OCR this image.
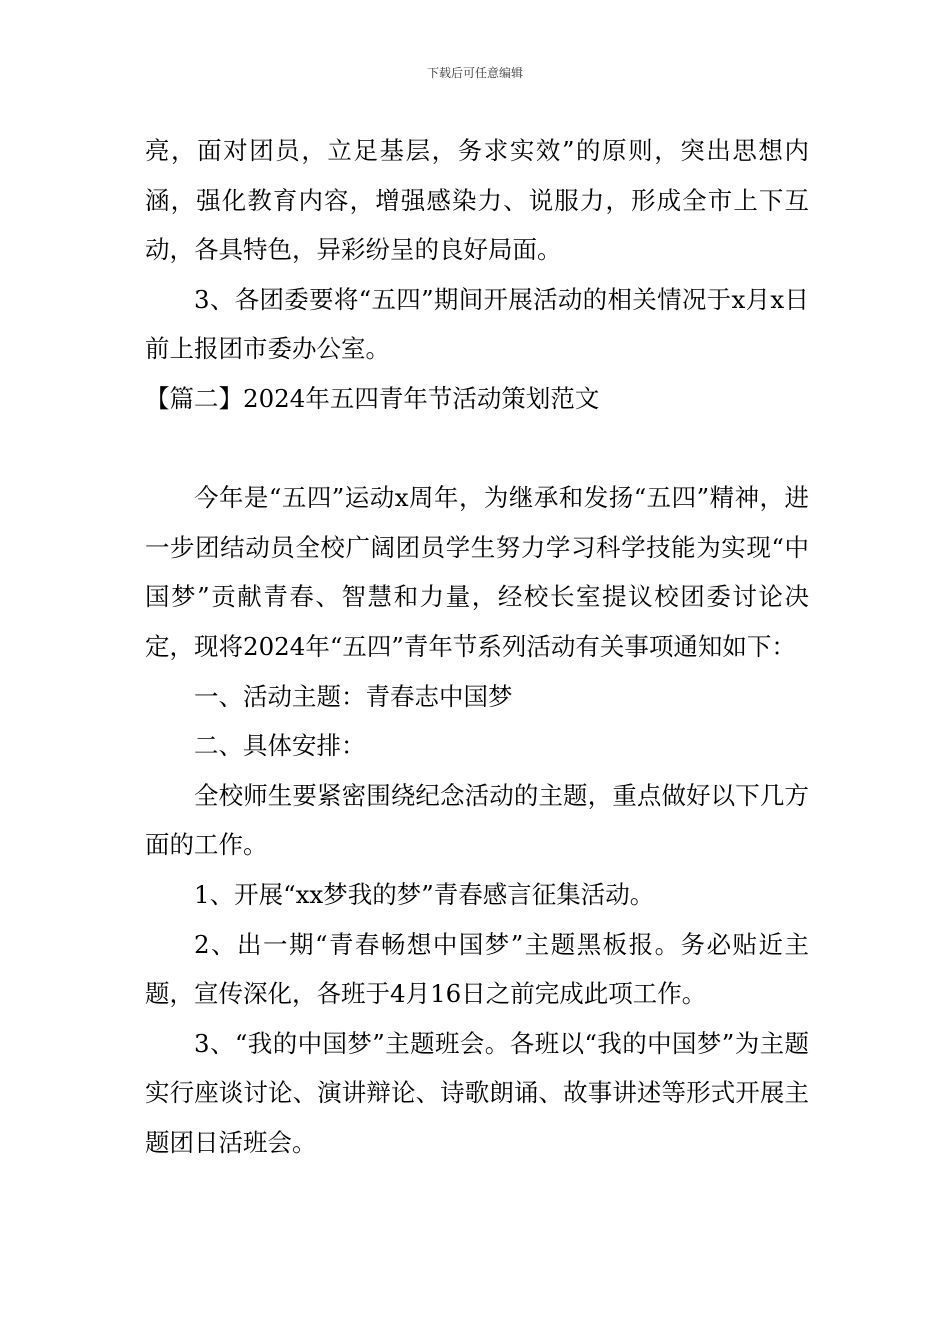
下载后可任意编辑

亮，面对团员，立足基层，务求实效”的原则，突出思想内涵，强化教育内容，增强感染力、说服力，形成全市上下互动，各具特色，异彩纷呈的良好局面。

3、各团委要将“五四”期间开展活动的相关情况于x月x日前上报团市委办公室。

【篇二】2024年五四青年节活动策划范文

今年是“五四”运动x周年，为继承和发扬“五四”精神，进一步团结动员全校广阔团员学生努力学习科学技能为实现“中国梦”贡献青春、智慧和力量，经校长室提议校团委讨论决定，现将2024年“五四”青年节系列活动有关事项通知如下：

一、活动主题：青春志中国梦

二、具体安排：

全校师生要紧密围绕纪念活动的主题，重点做好以下几方面的工作。

1、开展“xx梦我的梦”青春感言征集活动。

2、出一期“青春畅想中国梦”主题黑板报。务必贴近主题，宣传深化，各班于4月16日之前完成此项工作。

3、“我的中国梦”主题班会。各班以“我的中国梦”为主题实行座谈讨论、演讲辩论、诗歌朗诵、故事讲述等形式开展主题团日活班会。
